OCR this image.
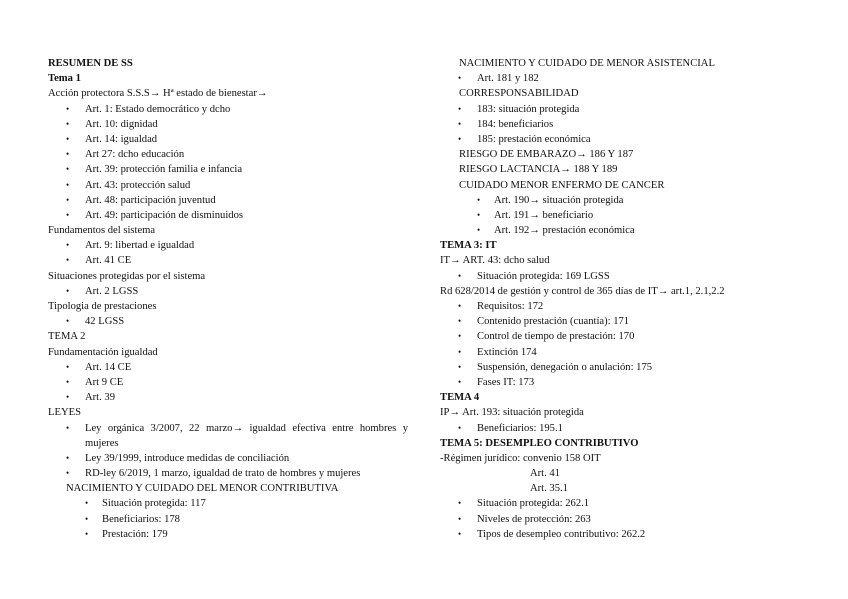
RESUMEN DE SS
Tema 1
Acción protectora S.S.S→ Hª estado de bienestar→
• Art. 1: Estado democrático y dcho
• Art. 10: dignidad
• Art. 14: igualdad
• Art 27: dcho educación
• Art. 39: protección familia e infancia
• Art. 43: protección salud
• Art. 48: participación juventud
• Art. 49: participación de disminuidos
Fundamentos del sistema
• Art. 9: libertad e igualdad
• Art. 41 CE
Situaciones protegidas por el sistema
• Art. 2 LGSS
Tipologia de prestaciones
• 42 LGSS
TEMA 2
Fundamentación igualdad
• Art. 14 CE
• Art 9 CE
• Art. 39
LEYES
• Ley orgánica 3/2007, 22 marzo→ igualdad efectiva entre hombres y
mujeres
• Ley 39/1999, introduce medidas de conciliación
• RD-ley 6/2019, 1 marzo, igualdad de trato de hombres y mujeres
NACIMIENTO Y CUIDADO DEL MENOR CONTRIBUTIVA
• Situación protegida: 117
• Beneficiarios: 178
• Prestación: 179
NACIMIENTO Y CUIDADO DE MENOR ASISTENCIAL
• Art. 181 y 182
CORRESPONSABILIDAD
• 183: situación protegida
• 184: beneficiarios
• 185: prestación económica
RIESGO DE EMBARAZO→ 186 Y 187
RIESGO LACTANCIA→ 188 Y 189
CUIDADO MENOR ENFERMO DE CANCER
• Art. 190→ situación protegida
• Art. 191→ beneficiario
• Art. 192→ prestación económica
TEMA 3: IT
IT→ ART. 43: dcho salud
• Situación protegida: 169 LGSS
Rd 628/2014 de gestión y control de 365 días de IT→ art.1, 2.1,2.2
• Requisitos: 172
• Contenido prestación (cuantía): 171
• Control de tiempo de prestación: 170
• Extinción 174
• Suspensión, denegación o anulación: 175
• Fases IT: 173
TEMA 4
IP→ Art. 193: situación protegida
• Beneficiarios: 195.1
TEMA 5: DESEMPLEO CONTRIBUTIVO
-Régimen jurídico: convenio 158 OIT
Art. 41
Art. 35.1
• Situación protegida: 262.1
• Niveles de protección: 263
• Tipos de desempleo contributivo: 262.2
